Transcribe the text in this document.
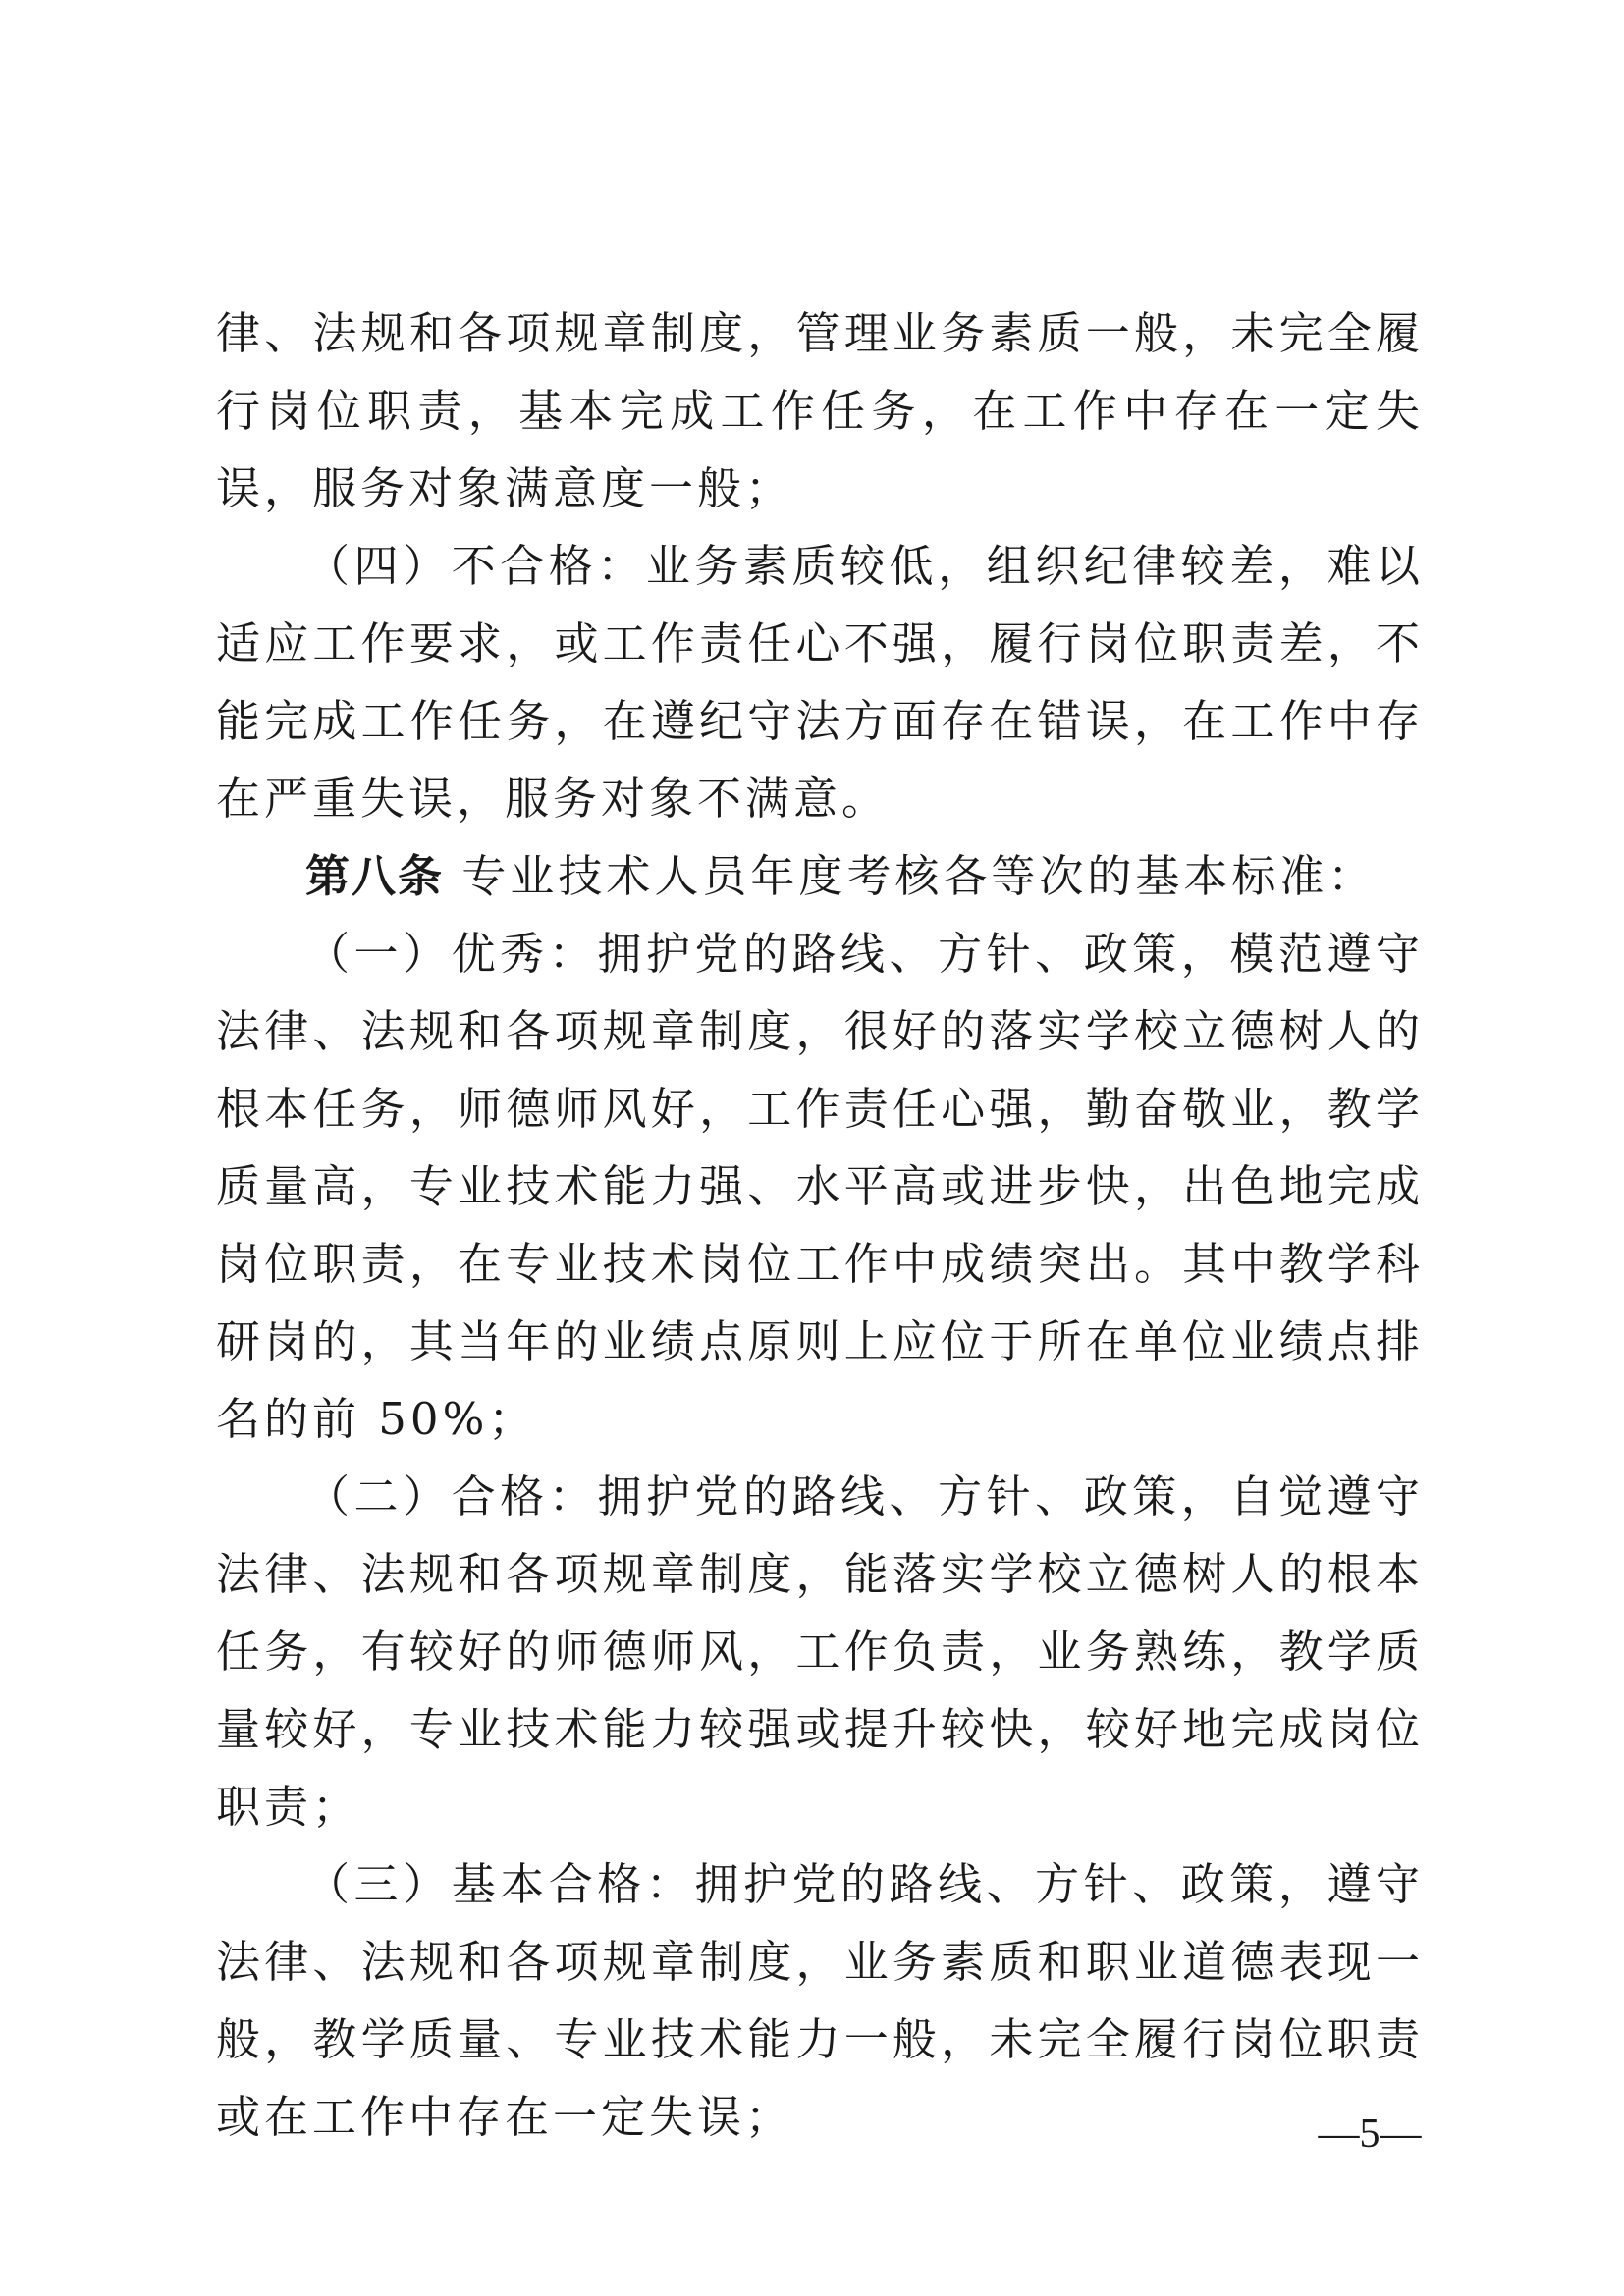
律、法规和各项规章制度，管理业务素质一般，未完全履行岗位职责，基本完成工作任务，在工作中存在一定失误，服务对象满意度一般；

（四）不合格：业务素质较低，组织纪律较差，难以适应工作要求，或工作责任心不强，履行岗位职责差，不能完成工作任务，在遵纪守法方面存在错误，在工作中存在严重失误，服务对象不满意。

第八条 专业技术人员年度考核各等次的基本标准：

（一）优秀：拥护党的路线、方针、政策，模范遵守法律、法规和各项规章制度，很好的落实学校立德树人的根本任务，师德师风好，工作责任心强，勤奋敬业，教学质量高，专业技术能力强、水平高或进步快，出色地完成岗位职责，在专业技术岗位工作中成绩突出。其中教学科研岗的，其当年的业绩点原则上应位于所在单位业绩点排名的前 50%；

（二）合格：拥护党的路线、方针、政策，自觉遵守法律、法规和各项规章制度，能落实学校立德树人的根本任务，有较好的师德师风，工作负责，业务熟练，教学质量较好，专业技术能力较强或提升较快，较好地完成岗位职责；

（三）基本合格：拥护党的路线、方针、政策，遵守法律、法规和各项规章制度，业务素质和职业道德表现一般，教学质量、专业技术能力一般，未完全履行岗位职责或在工作中存在一定失误；	—5—
